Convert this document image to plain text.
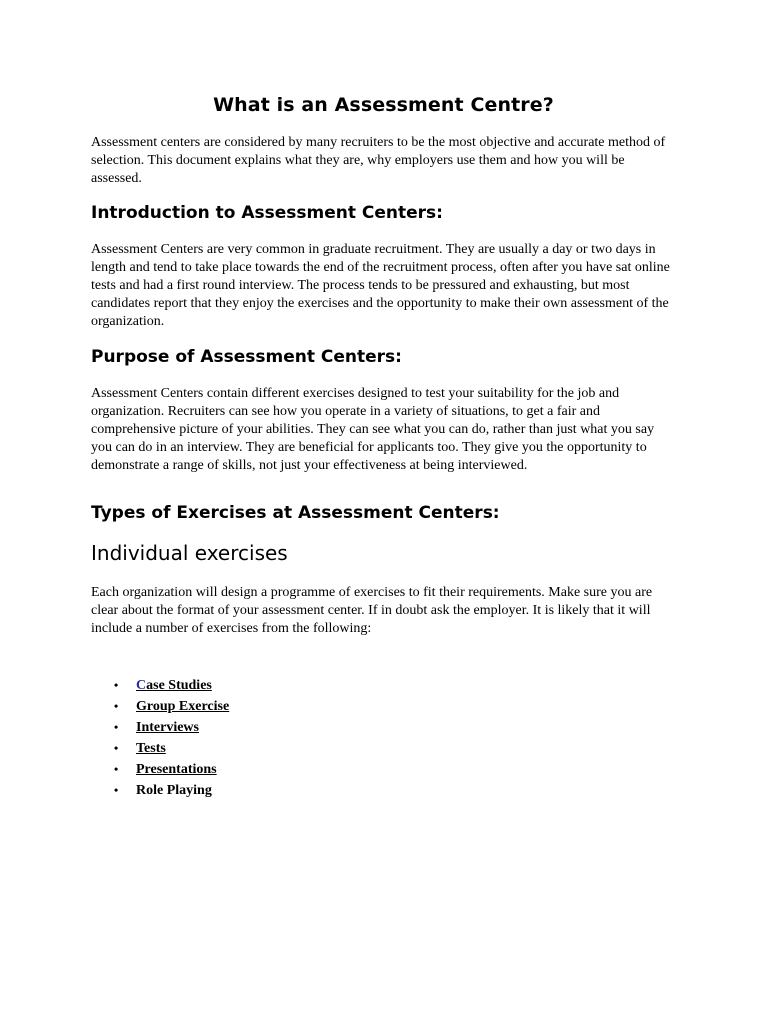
What is an Assessment Centre?

Assessment centers are considered by many recruiters to be the most objective and accurate method of selection. This document explains what they are, why employers use them and how you will be assessed.

Introduction to Assessment Centers:

Assessment Centers are very common in graduate recruitment. They are usually a day or two days in length and tend to take place towards the end of the recruitment process, often after you have sat online tests and had a first round interview. The process tends to be pressured and exhausting, but most candidates report that they enjoy the exercises and the opportunity to make their own assessment of the organization.

Purpose of Assessment Centers:

Assessment Centers contain different exercises designed to test your suitability for the job and organization. Recruiters can see how you operate in a variety of situations, to get a fair and comprehensive picture of your abilities. They can see what you can do, rather than just what you say you can do in an interview. They are beneficial for applicants too. They give you the opportunity to demonstrate a range of skills, not just your effectiveness at being interviewed.

Types of Exercises at Assessment Centers:
Individual exercises

Each organization will design a programme of exercises to fit their requirements. Make sure you are clear about the format of your assessment center. If in doubt ask the employer. It is likely that it will include a number of exercises from the following:

•	Case Studies
•	Group Exercise
•	Interviews
•	Tests
•	Presentations
•	Role Playing
